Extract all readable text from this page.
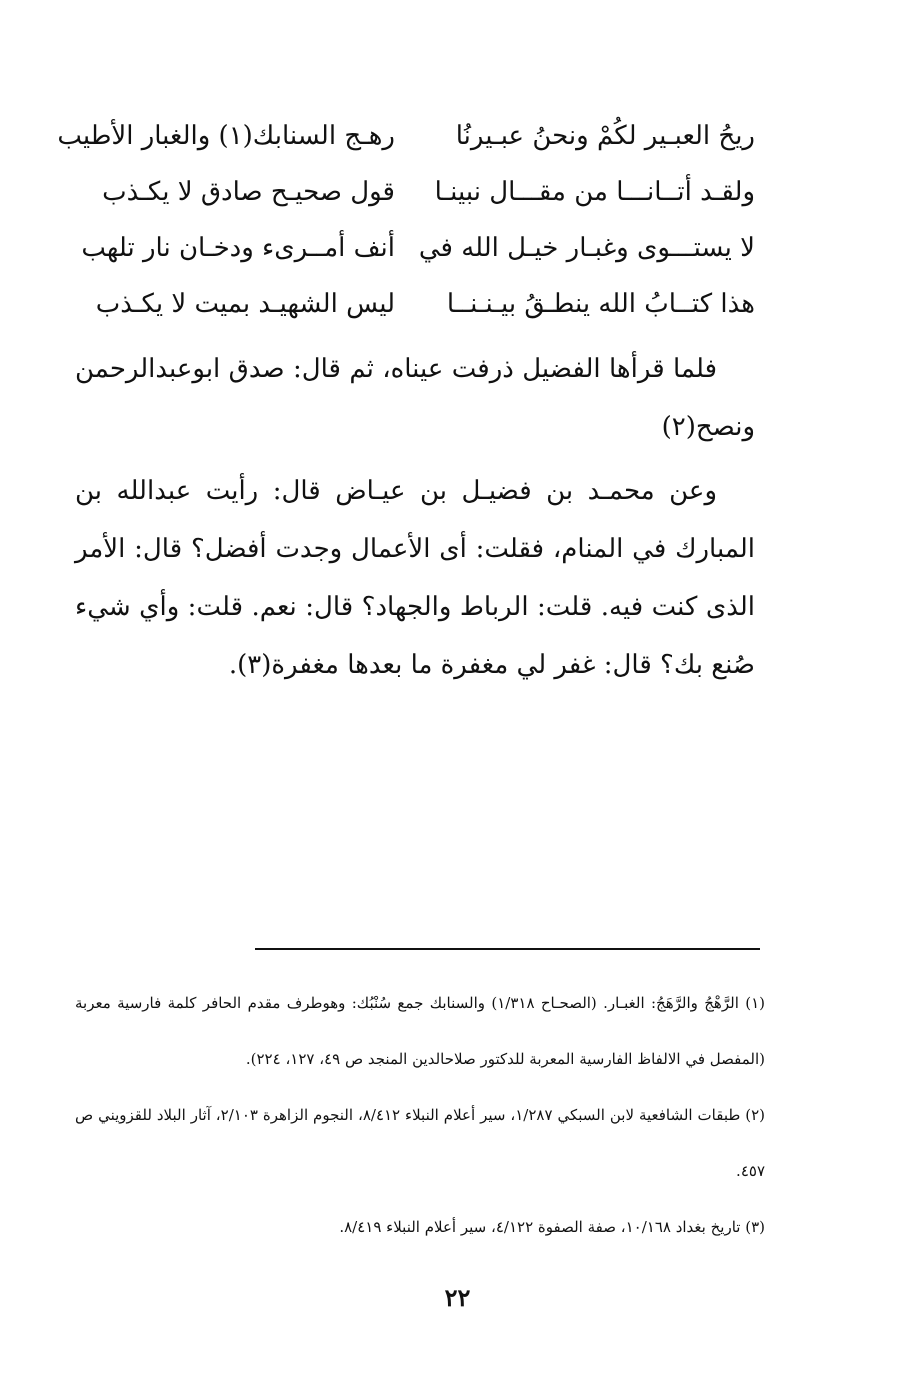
ريحُ العبـير لكُمْ ونحنُ عبـيرنُا
رهـج السنابك(١) والغبار الأطيب
ولقـد أتــانـــا من مقـــال نبينـا
قول صحيـح صادق لا يكـذب
لا يستـــوى وغبـار خيـل الله في
أنف أمــرىء ودخـان نار تلهب
هذا كتــابُ الله ينطـقُ بيـنـنــا
ليس الشهيـد بميت لا يكـذب

فلما قرأها الفضيل ذرفت عيناه، ثم قال: صدق ابوعبدالرحمن ونصح(٢)

وعن محمـد بن فضيـل بن عيـاض قال: رأيت عبدالله بن المبارك في المنام، فقلت: أى الأعمال وجدت أفضل؟ قال: الأمر الذى كنت فيه. قلت: الرباط والجهاد؟ قال: نعم. قلت: وأي شيء صُنع بك؟ قال: غفر لي مغفرة ما بعدها مغفرة(٣).

(١) الرَّهْجُ والرَّهَجُ: الغبـار. (الصحـاح ١/٣١٨) والسنابك جمع سُنْبُك: وهوطرف مقدم الحافر كلمة فارسية معربة (المفصل في الالفاظ الفارسية المعربة للدكتور صلاحالدين المنجد ص ٤٩، ١٢٧، ٢٢٤).

(٢) طبقات الشافعية لابن السبكي ١/٢٨٧، سير أعلام النبلاء ٨/٤١٢، النجوم الزاهرة ٢/١٠٣، آثار البلاد للقزويني ص ٤٥٧.

(٣) تاريخ بغداد ١٠/١٦٨، صفة الصفوة ٤/١٢٢، سير أعلام النبلاء ٨/٤١٩.

٢٢
